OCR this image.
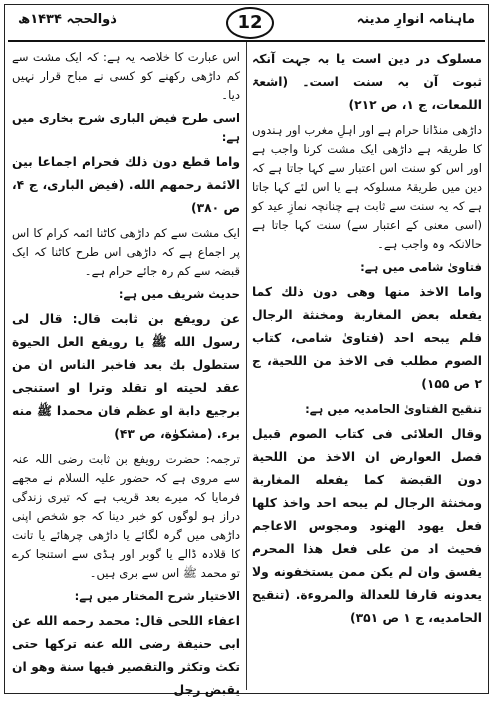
ماہنامہ انوارِ مدینہ
12
ذوالحجہ ۱۴۳۴ھ

مسلوک در دین است یا بہ جہت آنکہ ثبوت آن بہ سنت است۔ (اشعۃ اللمعات، ج ۱، ص ۲۱۲)

داڑھی منڈانا حرام ہے اور اہلِ مغرب اور ہندوں کا طریقہ ہے داڑھی ایک مشت کرنا واجب ہے اور اس کو سنت اس اعتبار سے کہا جاتا ہے کہ دین میں طریقۂ مسلوکہ ہے یا اس لئے کہا جاتا ہے کہ یہ سنت سے ثابت ہے چنانچہ نمازِ عید کو (اسی معنی کے اعتبار سے) سنت کہا جاتا ہے حالانکہ وہ واجب ہے۔

فتاویٰ شامی میں ہے:

واما الاخذ منها وهى دون ذلك كما يفعله بعض المغاربة ومخنثة الرجال فلم يبحه احد (فتاوىٰ شامى، كتاب الصوم مطلب فى الاخذ من اللحية، ج ۲ ص ۱۵۵)

تنقیح الفتاویٰ الحامدیہ میں ہے:

وقال العلائى فى كتاب الصوم قبيل فصل العوارض ان الاخذ من اللحية دون القبضة كما يفعله المغاربة ومخنثة الرجال لم يبحه احد واخذ كلها فعل يهود الهنود ومجوس الاعاجم فحيث اد من على فعل هذا المحرم يفسق وان لم يكن ممن يستخفونه ولا يعدونه قارفا للعدالة والمروءة. (تنقيح الحامديه، ج ۱ ص ۳۵۱)

اس عبارت کا خلاصہ یہ ہے: کہ ایک مشت سے کم داڑھی رکھنے کو کسی نے مباح قرار نہیں دیا۔

اسی طرح فیض الباری شرح بخاری میں ہے:

واما قطع دون ذلك فحرام اجماعا بين الائمة رحمهم الله. (فيض البارى، ج ۴، ص ۳۸۰)

ایک مشت سے کم داڑھی کاٹنا ائمہ کرام کا اس پر اجماع ہے کہ داڑھی اس طرح کاٹنا کہ ایک قبضہ سے کم رہ جائے حرام ہے۔

حدیث شریف میں ہے:

عن رويفع بن ثابت قال: قال لى رسول الله ﷺ يا رويفع العل الحيوة ستطول بك بعد فاخبر الناس ان من عقد لحيته او تقلد وترا او استنجى برجيع دابة او عظم فان محمدا ﷺ منه برء. (مشكوٰة، ص ۴۳)

ترجمہ: حضرت رویفع بن ثابت رضی اللہ عنہ سے مروی ہے کہ حضور علیہ السلام نے مجھے فرمایا کہ میرے بعد قریب ہے کہ تیری زندگی دراز ہو لوگوں کو خبر دینا کہ جو شخص اپنی داڑھی میں گرہ لگائے یا داڑھی چرھائے یا تانت کا قلادہ ڈالے یا گوبر اور ہڈی سے استنجا کرے تو محمد ﷺ اس سے بری ہیں۔

الاختیار شرح المختار میں ہے:

اعفاء اللحى قال: محمد رحمه الله عن ابى حنيفة رضى الله عنه تركها حتى تكث وتكثر والتقصير فيها سنة وهو ان يقبض رجل
